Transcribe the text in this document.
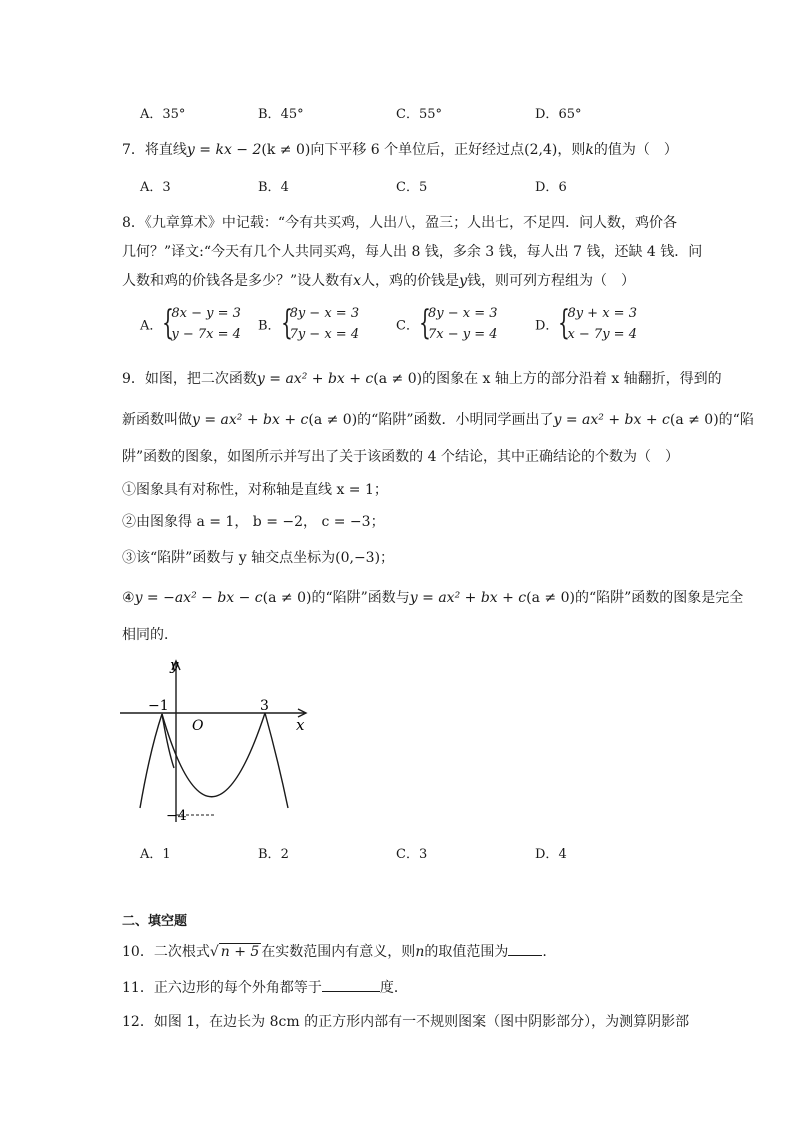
A．35°	B．45°	C．55°	D．65°
7．将直线y = kx − 2(k ≠ 0)向下平移 6 个单位后，正好经过点(2,4)，则k的值为（　）
A．3	B．4	C．5	D．6
8．《九章算术》中记载：“今有共买鸡，人出八，盈三；人出七，不足四．问人数，鸡价各
几何？”译文:“今天有几个人共同买鸡，每人出 8 钱，多余 3 钱，每人出 7 钱，还缺 4 钱．问
人数和鸡的价钱各是多少？”设人数有x人，鸡的价钱是y钱，则可列方程组为（　）
A． {
8x − y = 3
y − 7x = 4
B． {
8y − x = 3
7y − x = 4
C． {
8y − x = 3
7x − y = 4
D． {
8y + x = 3
x − 7y = 4
9．如图，把二次函数y = ax² + bx + c(a ≠ 0)的图象在 x 轴上方的部分沿着 x 轴翻折，得到的
新函数叫做y = ax² + bx + c(a ≠ 0)的“陷阱”函数．小明同学画出了y = ax² + bx + c(a ≠ 0)的“陷
阱”函数的图象，如图所示并写出了关于该函数的 4 个结论，其中正确结论的个数为（　）
①图象具有对称性，对称轴是直线 x = 1；
②由图象得 a = 1， b = −2， c = −3；
③该“陷阱”函数与 y 轴交点坐标为(0,−3)；
④y = −ax² − bx − c(a ≠ 0)的“陷阱”函数与y = ax² + bx + c(a ≠ 0)的“陷阱”函数的图象是完全
相同的．
y
x
O
−1	3
−4
A．1	B．2	C．3	D．4
二、填空题
10．二次根式√ n + 5 在实数范围内有意义，则n的取值范围为 .
11．正六边形的每个外角都等于	度．
12．如图 1，在边长为 8cm 的正方形内部有一不规则图案（图中阴影部分），为测算阴影部
